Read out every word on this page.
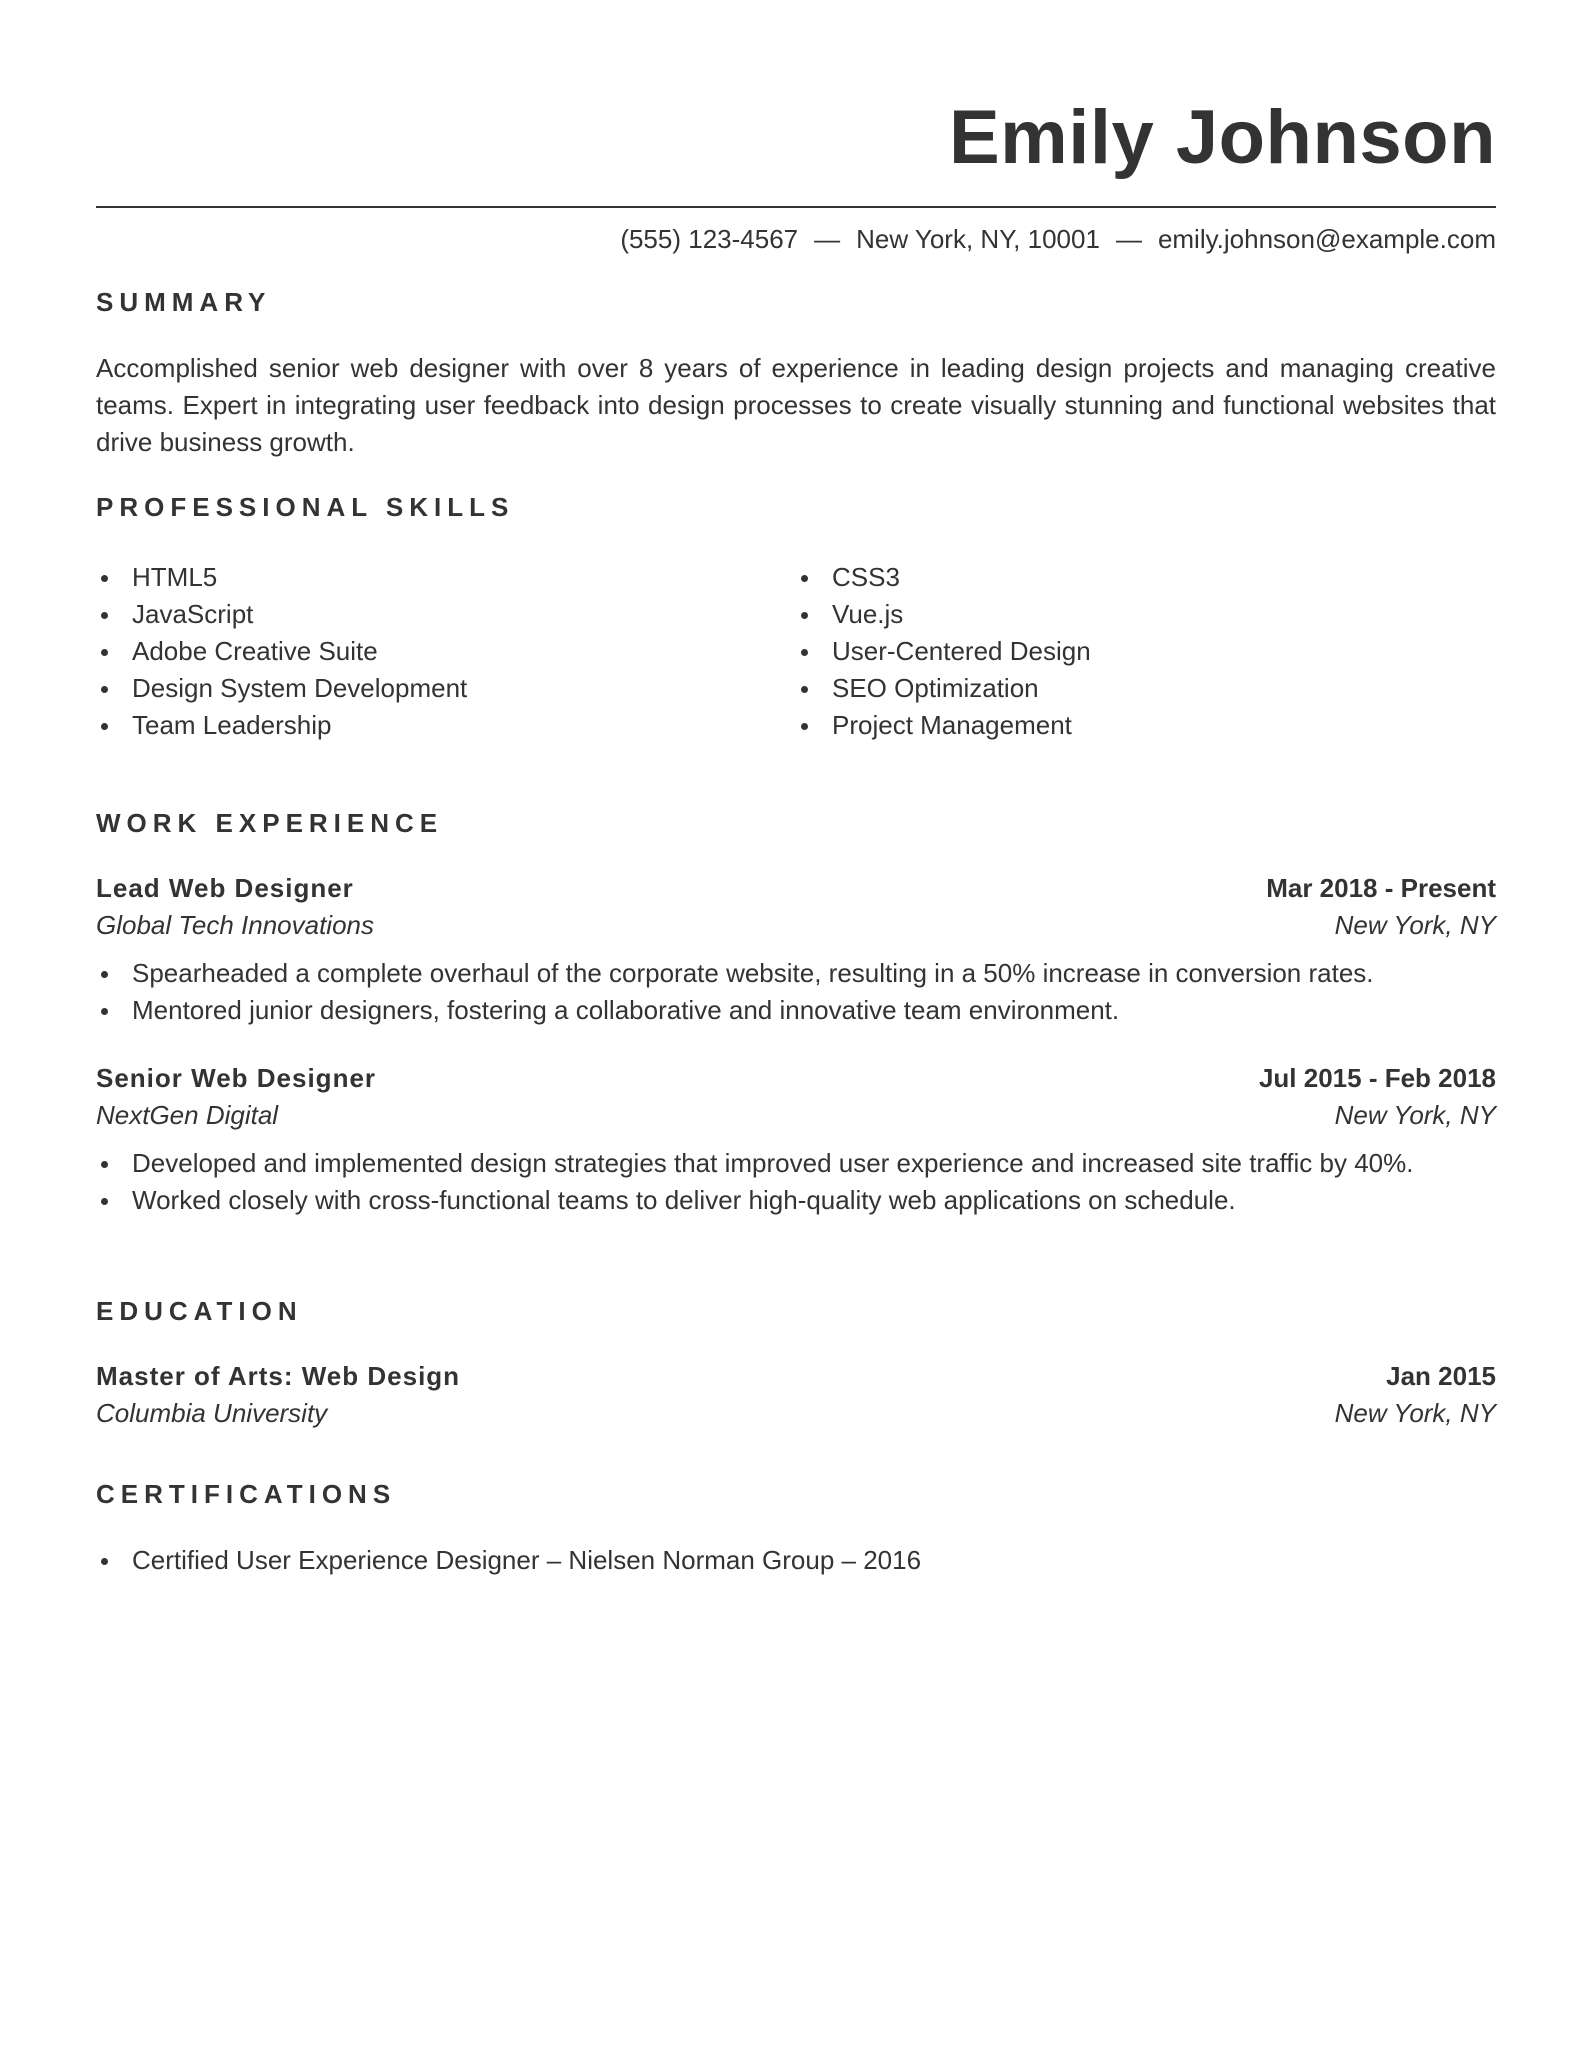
Emily Johnson
(555) 123-4567 — New York, NY, 10001 — emily.johnson@example.com
SUMMARY

Accomplished senior web designer with over 8 years of experience in leading design projects and managing creative teams. Expert in integrating user feedback into design processes to create visually stunning and functional websites that drive business growth.

PROFESSIONAL SKILLS
HTML5
JavaScript
Adobe Creative Suite
Design System Development
Team Leadership
CSS3
Vue.js
User-Centered Design
SEO Optimization
Project Management
WORK EXPERIENCE
Lead Web Designer	Mar 2018 - Present
Global Tech Innovations	New York, NY
Spearheaded a complete overhaul of the corporate website, resulting in a 50% increase in conversion rates.
Mentored junior designers, fostering a collaborative and innovative team environment.
Senior Web Designer	Jul 2015 - Feb 2018
NextGen Digital	New York, NY
Developed and implemented design strategies that improved user experience and increased site traffic by 40%.
Worked closely with cross-functional teams to deliver high-quality web applications on schedule.
EDUCATION
Master of Arts: Web Design	Jan 2015
Columbia University	New York, NY
CERTIFICATIONS
Certified User Experience Designer – Nielsen Norman Group – 2016
